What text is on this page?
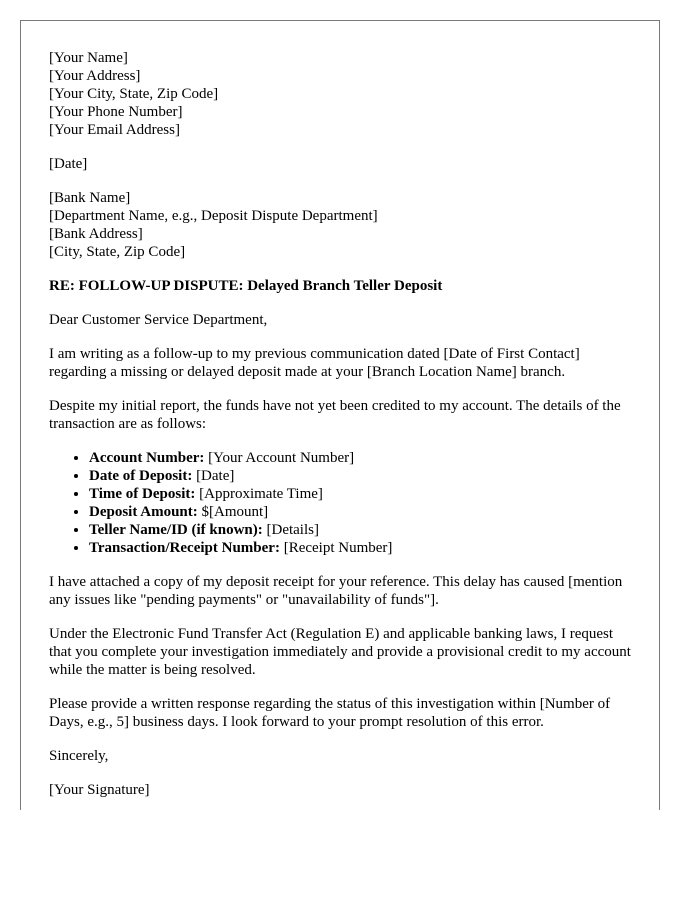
[Your Name]
[Your Address]
[Your City, State, Zip Code]
[Your Phone Number]
[Your Email Address]
[Date]
[Bank Name]
[Department Name, e.g., Deposit Dispute Department]
[Bank Address]
[City, State, Zip Code]
RE: FOLLOW-UP DISPUTE: Delayed Branch Teller Deposit

Dear Customer Service Department,

I am writing as a follow-up to my previous communication dated [Date of First Contact] regarding a missing or delayed deposit made at your [Branch Location Name] branch.

Despite my initial report, the funds have not yet been credited to my account. The details of the transaction are as follows:

• Account Number: [Your Account Number]
• Date of Deposit: [Date]
• Time of Deposit: [Approximate Time]
• Deposit Amount: $[Amount]
• Teller Name/ID (if known): [Details]
• Transaction/Receipt Number: [Receipt Number]

I have attached a copy of my deposit receipt for your reference. This delay has caused [mention any issues like "pending payments" or "unavailability of funds"].

Under the Electronic Fund Transfer Act (Regulation E) and applicable banking laws, I request that you complete your investigation immediately and provide a provisional credit to my account while the matter is being resolved.

Please provide a written response regarding the status of this investigation within [Number of Days, e.g., 5] business days. I look forward to your prompt resolution of this error.

Sincerely,

[Your Signature]
